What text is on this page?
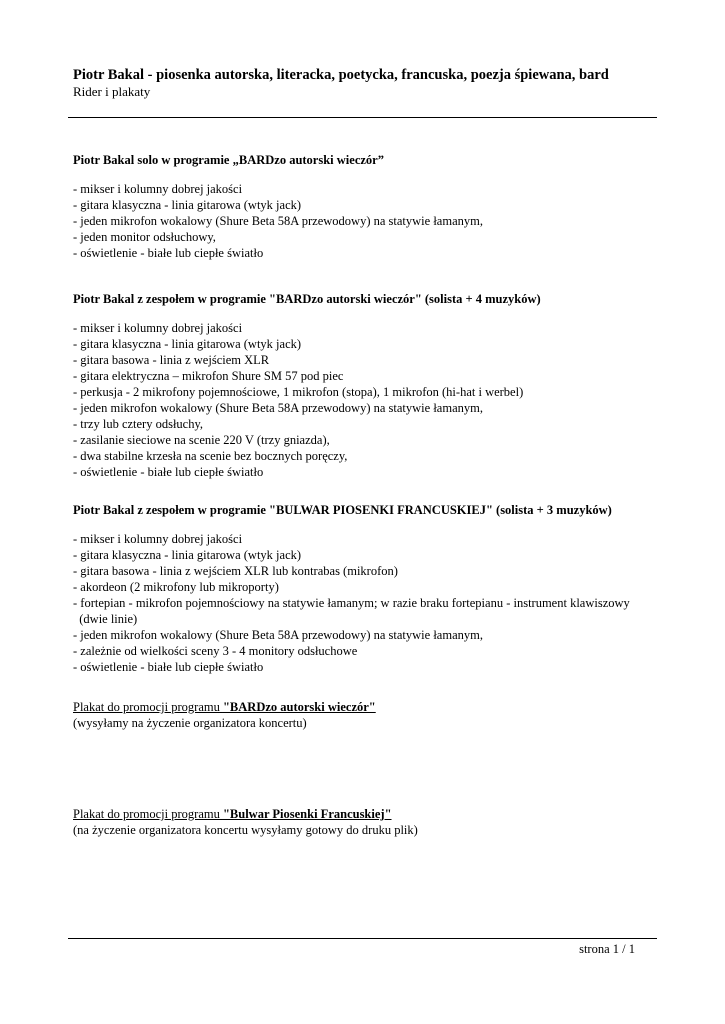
Piotr Bakal - piosenka autorska, literacka, poetycka, francuska, poezja śpiewana, bard
Rider i plakaty
Piotr Bakal solo w programie „BARDzo autorski wieczór”
- mikser i kolumny dobrej jakości
- gitara klasyczna - linia gitarowa (wtyk jack)
- jeden mikrofon wokalowy (Shure Beta 58A przewodowy) na statywie łamanym,
- jeden monitor odsłuchowy,
- oświetlenie - białe lub ciepłe światło
Piotr Bakal z zespołem w programie "BARDzo autorski wieczór" (solista + 4 muzyków)
- mikser i kolumny dobrej jakości
- gitara klasyczna - linia gitarowa (wtyk jack)
- gitara basowa - linia z wejściem XLR
- gitara elektryczna – mikrofon Shure SM 57 pod piec
- perkusja - 2 mikrofony pojemnościowe, 1 mikrofon (stopa), 1 mikrofon (hi-hat i werbel)
- jeden mikrofon wokalowy (Shure Beta 58A przewodowy) na statywie łamanym,
- trzy lub cztery odsłuchy,
- zasilanie sieciowe na scenie 220 V (trzy gniazda),
- dwa stabilne krzesła na scenie bez bocznych poręczy,
- oświetlenie - białe lub ciepłe światło
Piotr Bakal z zespołem w programie "BULWAR PIOSENKI FRANCUSKIEJ" (solista + 3 muzyków)
- mikser i kolumny dobrej jakości
- gitara klasyczna - linia gitarowa (wtyk jack)
- gitara basowa - linia z wejściem XLR lub kontrabas (mikrofon)
- akordeon (2 mikrofony lub mikroporty)
- fortepian - mikrofon pojemnościowy na statywie łamanym; w razie braku fortepianu - instrument klawiszowy
(dwie linie)
- jeden mikrofon wokalowy (Shure Beta 58A przewodowy) na statywie łamanym,
- zależnie od wielkości sceny 3 - 4 monitory odsłuchowe
- oświetlenie - białe lub ciepłe światło
Plakat do promocji programu "BARDzo autorski wieczór"
(wysyłamy na życzenie organizatora koncertu)
Plakat do promocji programu "Bulwar Piosenki Francuskiej"
(na życzenie organizatora koncertu wysyłamy gotowy do druku plik)
strona 1 / 1
